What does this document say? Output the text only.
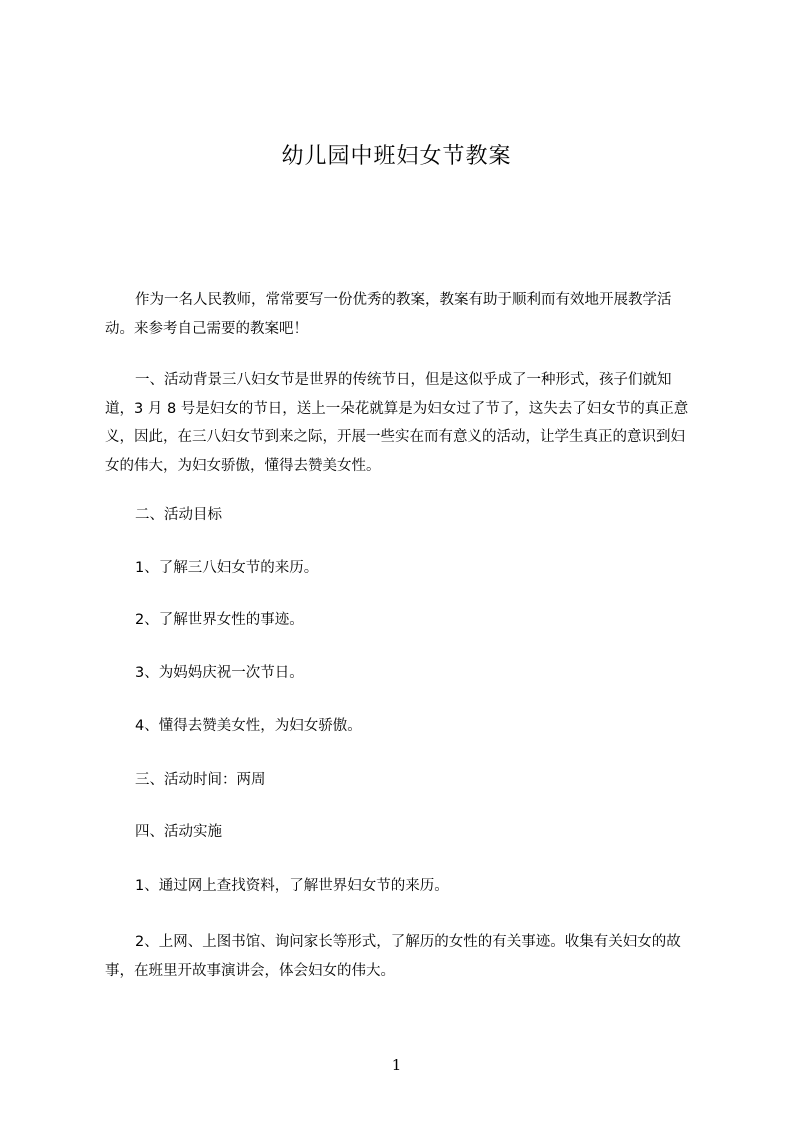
幼儿园中班妇女节教案

作为一名人民教师，常常要写一份优秀的教案，教案有助于顺利而有效地开展教学活动。来参考自己需要的教案吧！

一、活动背景三八妇女节是世界的传统节日，但是这似乎成了一种形式，孩子们就知道，3 月 8 号是妇女的节日，送上一朵花就算是为妇女过了节了，这失去了妇女节的真正意义，因此，在三八妇女节到来之际，开展一些实在而有意义的活动，让学生真正的意识到妇女的伟大，为妇女骄傲，懂得去赞美女性。

二、活动目标

1、了解三八妇女节的来历。

2、了解世界女性的事迹。

3、为妈妈庆祝一次节日。

4、懂得去赞美女性，为妇女骄傲。

三、活动时间：两周

四、活动实施

1、通过网上查找资料，了解世界妇女节的来历。

2、上网、上图书馆、询问家长等形式，了解历的女性的有关事迹。收集有关妇女的故事，在班里开故事演讲会，体会妇女的伟大。

1
